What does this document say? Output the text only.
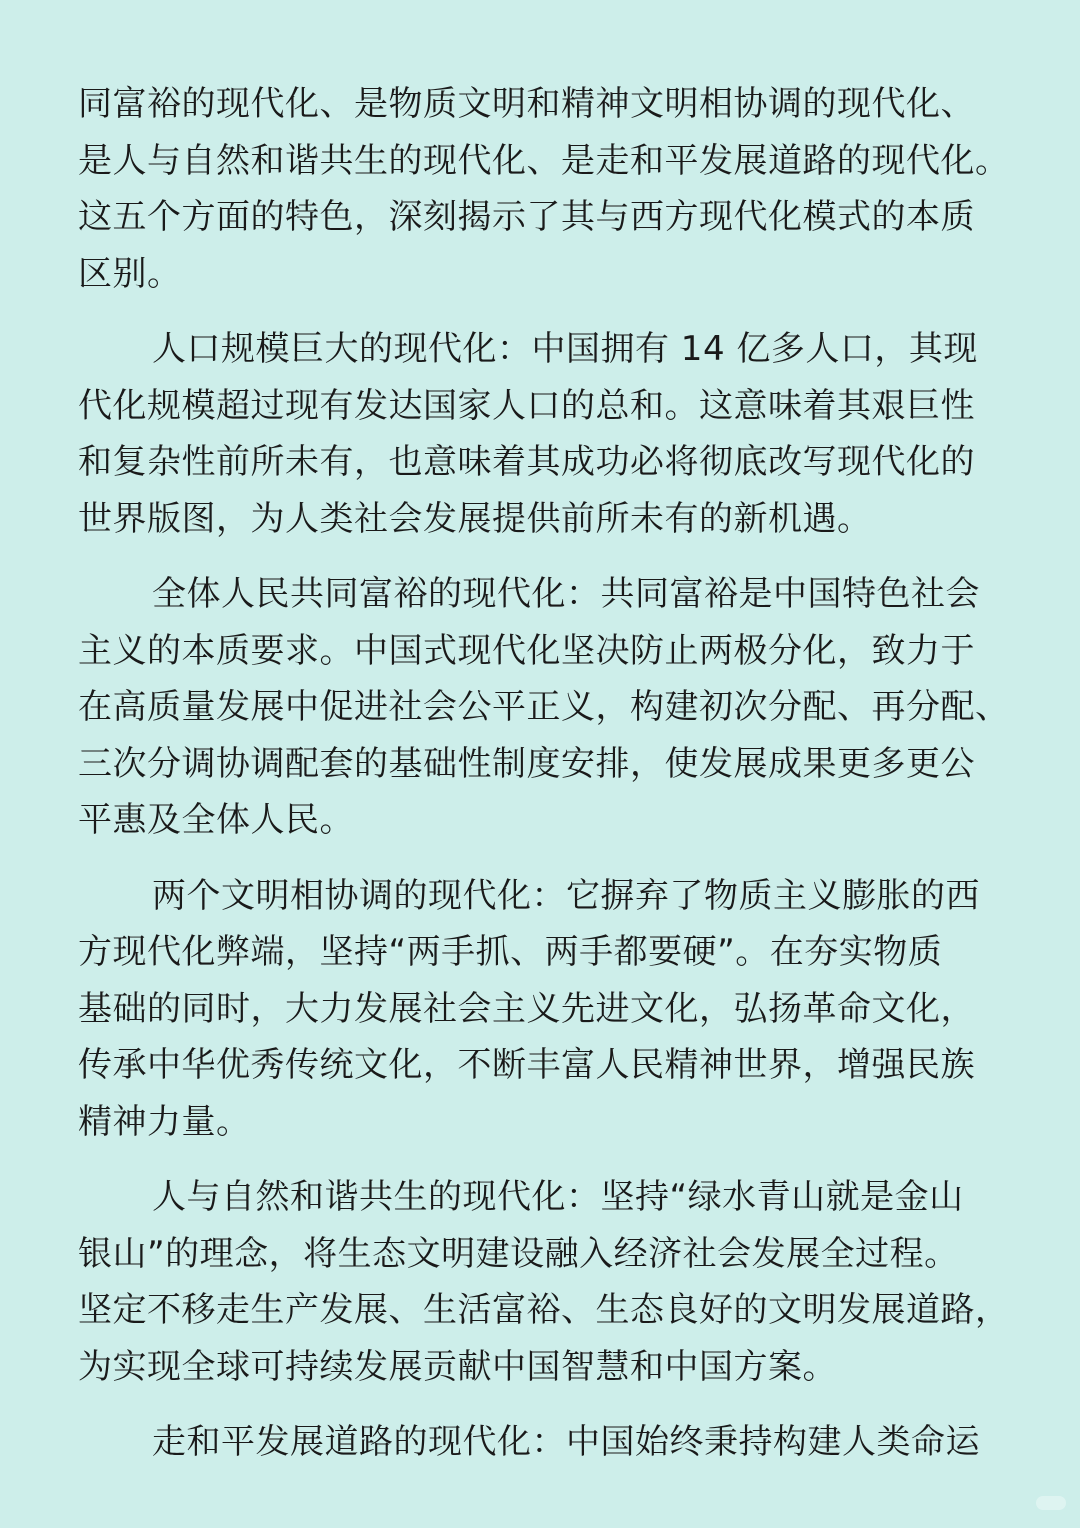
同富裕的现代化、是物质文明和精神文明相协调的现代化、
是人与自然和谐共生的现代化、是走和平发展道路的现代化。
这五个方面的特色，深刻揭示了其与西方现代化模式的本质
区别。
人口规模巨大的现代化：中国拥有 14 亿多人口，其现
代化规模超过现有发达国家人口的总和。这意味着其艰巨性
和复杂性前所未有，也意味着其成功必将彻底改写现代化的
世界版图，为人类社会发展提供前所未有的新机遇。
全体人民共同富裕的现代化：共同富裕是中国特色社会
主义的本质要求。中国式现代化坚决防止两极分化，致力于
在高质量发展中促进社会公平正义，构建初次分配、再分配、
三次分调协调配套的基础性制度安排，使发展成果更多更公
平惠及全体人民。
两个文明相协调的现代化：它摒弃了物质主义膨胀的西
方现代化弊端，坚持“两手抓、两手都要硬”。在夯实物质
基础的同时，大力发展社会主义先进文化，弘扬革命文化，
传承中华优秀传统文化，不断丰富人民精神世界，增强民族
精神力量。
人与自然和谐共生的现代化：坚持“绿水青山就是金山
银山”的理念，将生态文明建设融入经济社会发展全过程。
坚定不移走生产发展、生活富裕、生态良好的文明发展道路，
为实现全球可持续发展贡献中国智慧和中国方案。
走和平发展道路的现代化：中国始终秉持构建人类命运
